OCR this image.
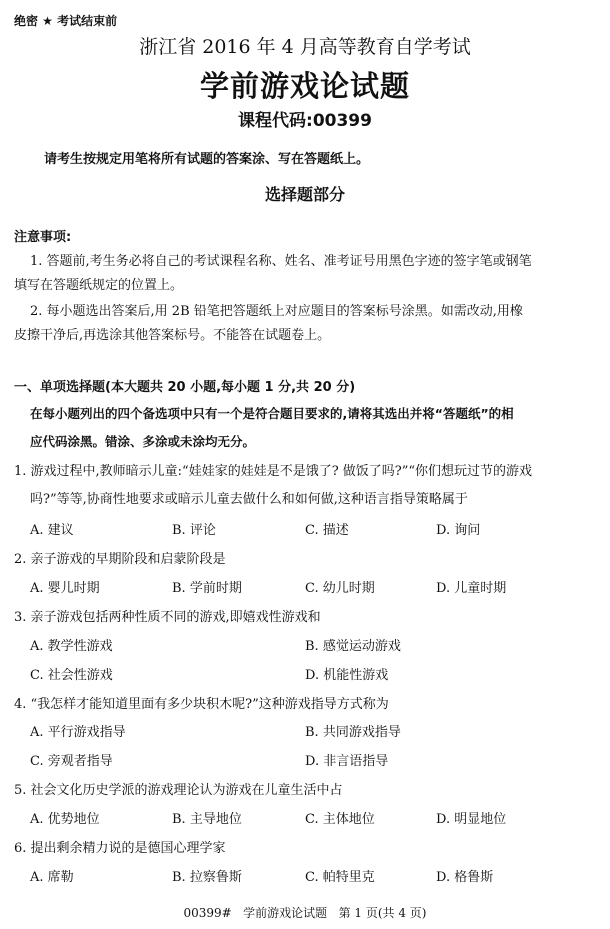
绝密 ★ 考试结束前
浙江省 2016 年 4 月高等教育自学考试
学前游戏论试题
课程代码:00399
请考生按规定用笔将所有试题的答案涂、写在答题纸上。
选择题部分
注意事项:
1. 答题前,考生务必将自己的考试课程名称、姓名、准考证号用黑色字迹的签字笔或钢笔
填写在答题纸规定的位置上。
2. 每小题选出答案后,用 2B 铅笔把答题纸上对应题目的答案标号涂黑。如需改动,用橡
皮擦干净后,再选涂其他答案标号。不能答在试题卷上。
一、单项选择题(本大题共 20 小题,每小题 1 分,共 20 分)
在每小题列出的四个备选项中只有一个是符合题目要求的,请将其选出并将“答题纸”的相
应代码涂黑。错涂、多涂或未涂均无分。
1. 游戏过程中,教师暗示儿童:“娃娃家的娃娃是不是饿了? 做饭了吗?”“你们想玩过节的游戏
吗?”等等,协商性地要求或暗示儿童去做什么和如何做,这种语言指导策略属于
A. 建议	B. 评论	C. 描述	D. 询问
2. 亲子游戏的早期阶段和启蒙阶段是
A. 婴儿时期	B. 学前时期	C. 幼儿时期	D. 儿童时期
3. 亲子游戏包括两种性质不同的游戏,即嬉戏性游戏和
A. 教学性游戏	B. 感觉运动游戏
C. 社会性游戏	D. 机能性游戏
4. “我怎样才能知道里面有多少块积木呢?”这种游戏指导方式称为
A. 平行游戏指导	B. 共同游戏指导
C. 旁观者指导	D. 非言语指导
5. 社会文化历史学派的游戏理论认为游戏在儿童生活中占
A. 优势地位	B. 主导地位	C. 主体地位	D. 明显地位
6. 提出剩余精力说的是德国心理学家
A. 席勒	B. 拉察鲁斯	C. 帕特里克	D. 格鲁斯
00399#   学前游戏论试题   第 1 页(共 4 页)
